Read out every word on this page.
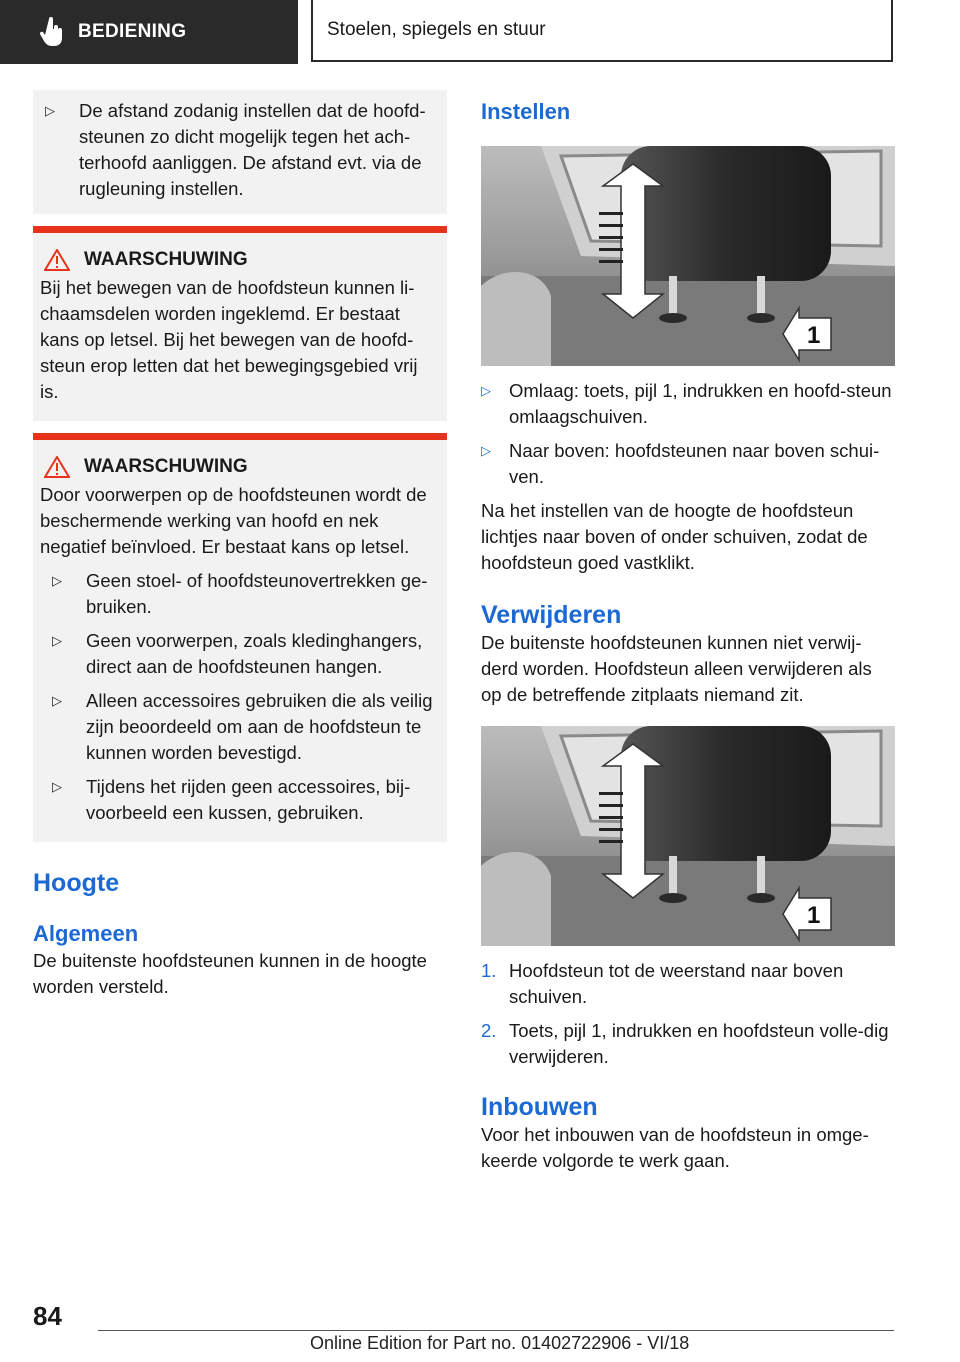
BEDIENING	Stoelen, spiegels en stuur
▷	De afstand zodanig instellen dat de hoofd-steunen zo dicht mogelijk tegen het ach-terhoofd aanliggen. De afstand evt. via de rugleuning instellen.
WAARSCHUWING
Bij het bewegen van de hoofdsteun kunnen li-chaamsdelen worden ingeklemd. Er bestaat kans op letsel. Bij het bewegen van de hoofd-steun erop letten dat het bewegingsgebied vrij is.
WAARSCHUWING
Door voorwerpen op de hoofdsteunen wordt de beschermende werking van hoofd en nek negatief beïnvloed. Er bestaat kans op letsel.
▷	Geen stoel- of hoofdsteunovertrekken ge-bruiken.
▷	Geen voorwerpen, zoals kledinghangers, direct aan de hoofdsteunen hangen.
▷	Alleen accessoires gebruiken die als veilig zijn beoordeeld om aan de hoofdsteun te kunnen worden bevestigd.
▷	Tijdens het rijden geen accessoires, bij-voorbeeld een kussen, gebruiken.
Hoogte
Algemeen
De buitenste hoofdsteunen kunnen in de hoogte worden versteld.
Instellen
1
▷ Omlaag: toets, pijl 1, indrukken en hoofd-steun omlaagschuiven.
▷ Naar boven: hoofdsteunen naar boven schui-ven.
Na het instellen van de hoogte de hoofdsteun lichtjes naar boven of onder schuiven, zodat de hoofdsteun goed vastklikt.
Verwijderen
De buitenste hoofdsteunen kunnen niet verwij-derd worden. Hoofdsteun alleen verwijderen als op de betreffende zitplaats niemand zit.
1
1. Hoofdsteun tot de weerstand naar boven schuiven.
2. Toets, pijl 1, indrukken en hoofdsteun volle-dig verwijderen.
Inbouwen
Voor het inbouwen van de hoofdsteun in omge-keerde volgorde te werk gaan.
84
Online Edition for Part no. 01402722906 - VI/18
